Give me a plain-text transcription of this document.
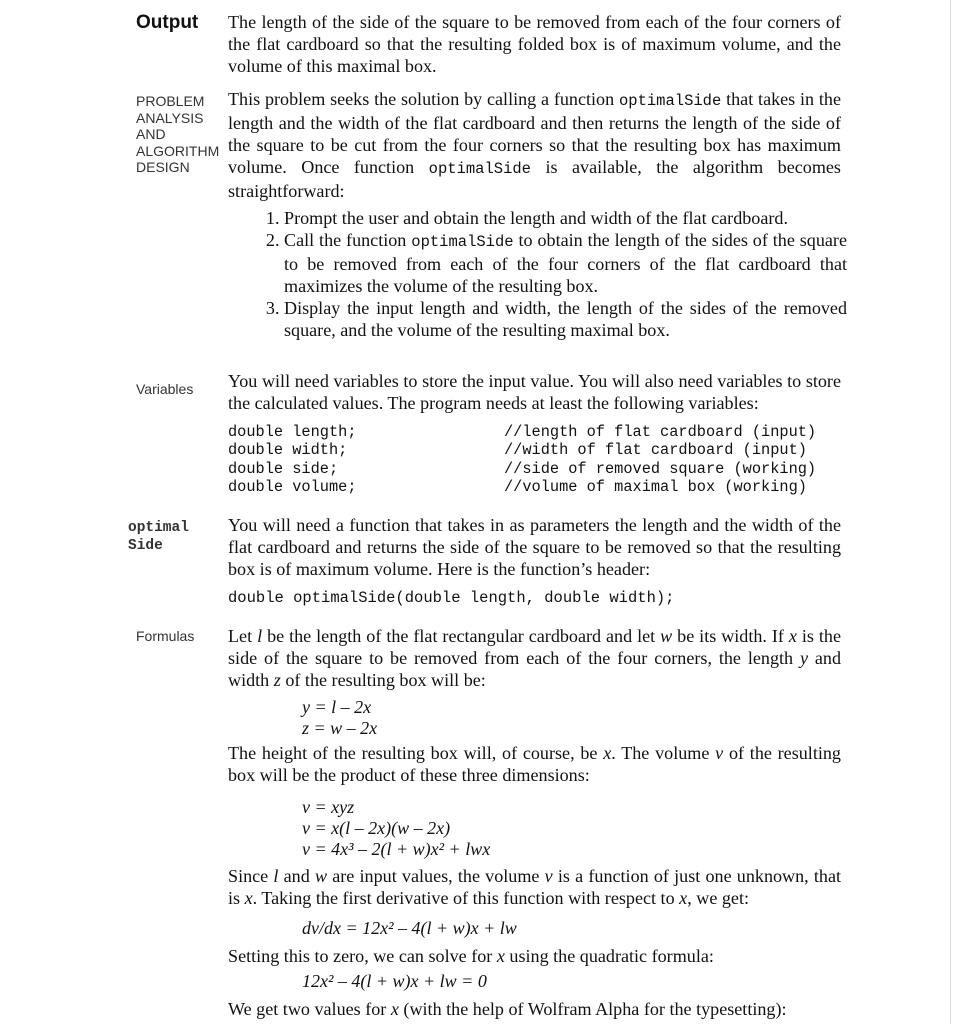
Output	The length of the side of the square to be removed from each of the four corners of the flat cardboard so that the resulting folded box is of maximum volume, and the volume of this maximal box.

PROBLEM ANALYSIS AND ALGORITHM DESIGN

This problem seeks the solution by calling a function optimalSide that takes in the length and the width of the flat cardboard and then returns the length of the side of the square to be cut from the four corners so that the resulting box has maximum volume. Once function optimalSide is available, the algorithm becomes straightforward:

1. Prompt the user and obtain the length and width of the flat cardboard.
2. Call the function optimalSide to obtain the length of the sides of the square to be removed from each of the four corners of the flat cardboard that maximizes the volume of the resulting box.
3. Display the input length and width, the length of the sides of the removed square, and the volume of the resulting maximal box.
Variables	You will need variables to store the input value. You will also need variables to store the calculated values. The program needs at least the following variables:

double length;	//length of flat cardboard (input)
double width;	//width of flat cardboard (input)
double side;	//side of removed square (working)
double volume;	//volume of maximal box (working)
optimal
Side

You will need a function that takes in as parameters the length and the width of the flat cardboard and returns the side of the square to be removed so that the resulting box is of maximum volume. Here is the function’s header:

double optimalSide(double length, double width);
Formulas	Let l be the length of the flat rectangular cardboard and let w be its width. If x is the side of the square to be removed from each of the four corners, the length y and width z of the resulting box will be:

y = l – 2x
z = w – 2x

The height of the resulting box will, of course, be x. The volume v of the resulting box will be the product of these three dimensions:

v = xyz
v = x(l – 2x)(w – 2x)
v = 4x³ – 2(l + w)x² + lwx

Since l and w are input values, the volume v is a function of just one unknown, that is x. Taking the first derivative of this function with respect to x, we get:

dv/dx = 12x² – 4(l + w)x + lw
Setting this to zero, we can solve for x using the quadratic formula:
12x² – 4(l + w)x + lw = 0
We get two values for x (with the help of Wolfram Alpha for the typesetting):
